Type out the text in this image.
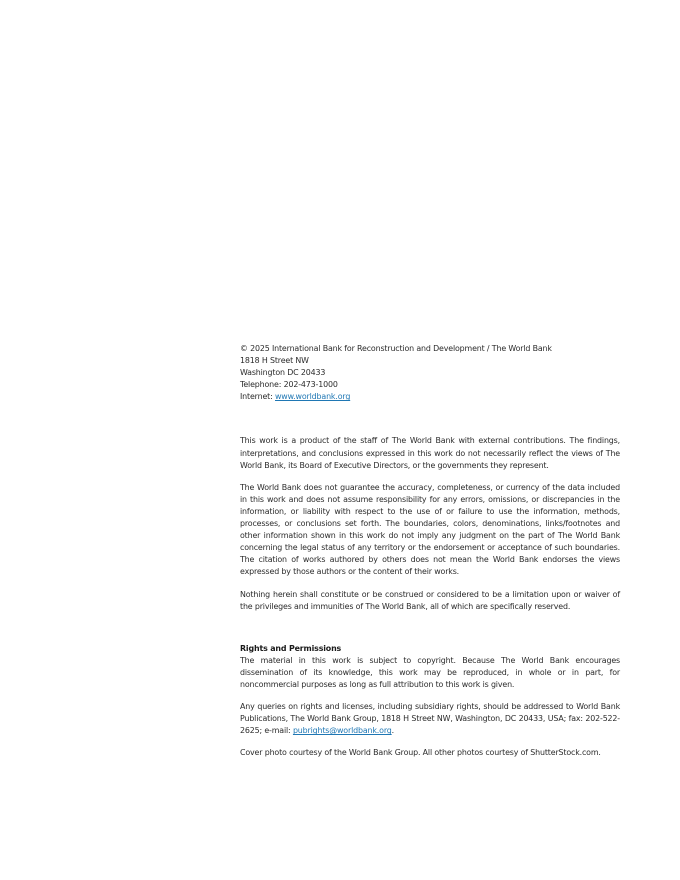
© 2025 International Bank for Reconstruction and Development / The World Bank
1818 H Street NW
Washington DC 20433
Telephone: 202-473-1000
Internet: www.worldbank.org

This work is a product of the staff of The World Bank with external contributions. The findings, interpretations, and conclusions expressed in this work do not necessarily reflect the views of The World Bank, its Board of Executive Directors, or the governments they represent.

The World Bank does not guarantee the accuracy, completeness, or currency of the data included in this work and does not assume responsibility for any errors, omissions, or discrepancies in the information, or liability with respect to the use of or failure to use the information, methods, processes, or conclusions set forth. The boundaries, colors, denominations, links/footnotes and other information shown in this work do not imply any judgment on the part of The World Bank concerning the legal status of any territory or the endorsement or acceptance of such boundaries. The citation of works authored by others does not mean the World Bank endorses the views expressed by those authors or the content of their works.

Nothing herein shall constitute or be construed or considered to be a limitation upon or waiver of the privileges and immunities of The World Bank, all of which are specifically reserved.

Rights and Permissions

The material in this work is subject to copyright. Because The World Bank encourages dissemination of its knowledge, this work may be reproduced, in whole or in part, for noncommercial purposes as long as full attribution to this work is given.

Any queries on rights and licenses, including subsidiary rights, should be addressed to World Bank Publications, The World Bank Group, 1818 H Street NW, Washington, DC 20433, USA; fax: 202-522-2625; e-mail: pubrights@worldbank.org.

Cover photo courtesy of the World Bank Group. All other photos courtesy of ShutterStock.com.
